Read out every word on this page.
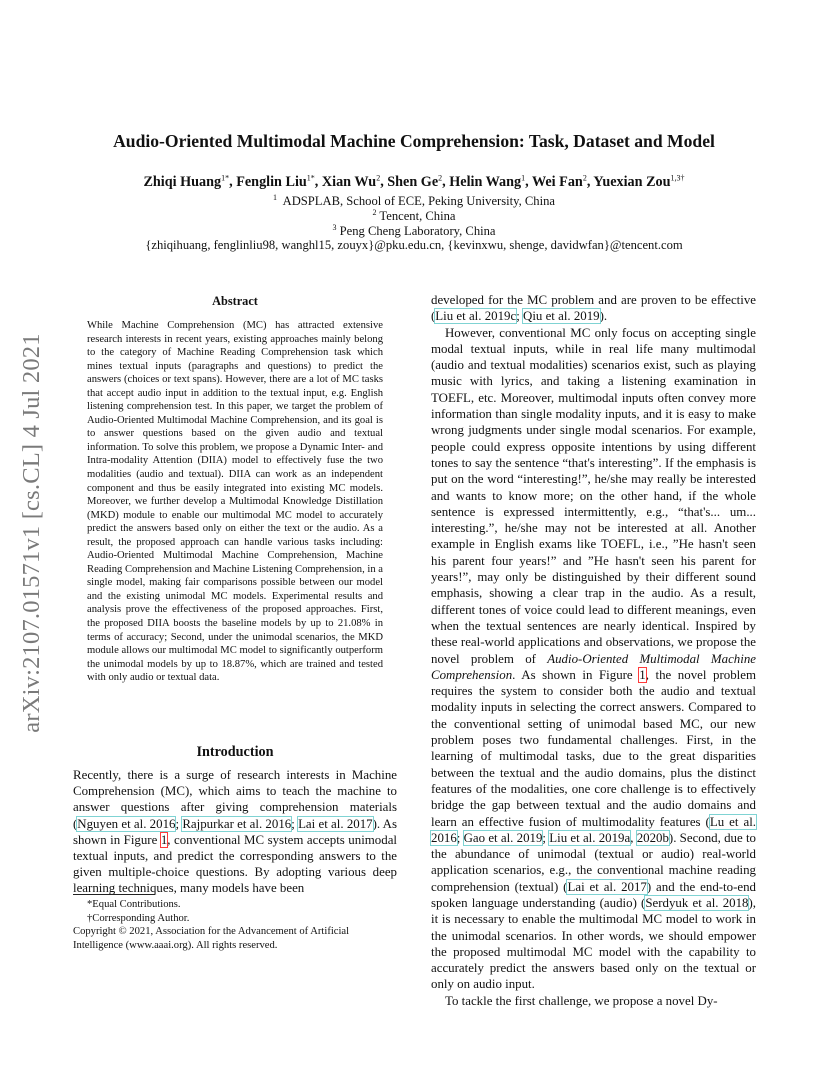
arXiv:2107.01571v1 [cs.CL] 4 Jul 2021
Audio-Oriented Multimodal Machine Comprehension: Task, Dataset and Model
Zhiqi Huang$^{1*}$, Fenglin Liu$^{1*}$, Xian Wu$^2$, Shen Ge$^2$, Helin Wang$^1$, Wei Fan$^2$, Yuexian Zou$^{1,3\dagger}$
$^1$ ADSPLAB, School of ECE, Peking University, China
$^2$ Tencent, China
$^3$ Peng Cheng Laboratory, China
{zhiqihuang, fenglinliu98, wanghl15, zouyx}@pku.edu.cn, {kevinxwu, shenge, davidwfan}@tencent.com
Abstract

While Machine Comprehension (MC) has attracted extensive research interests in recent years, existing approaches mainly belong to the category of Machine Reading Comprehension task which mines textual inputs (paragraphs and questions) to predict the answers (choices or text spans). However, there are a lot of MC tasks that accept audio input in addition to the textual input, e.g. English listening comprehension test. In this paper, we target the problem of Audio-Oriented Multimodal Machine Comprehension, and its goal is to answer questions based on the given audio and textual information. To solve this problem, we propose a Dynamic Inter- and Intra-modality Attention (DIIA) model to effectively fuse the two modalities (audio and textual). DIIA can work as an independent component and thus be easily integrated into existing MC models. Moreover, we further develop a Multimodal Knowledge Distillation (MKD) module to enable our multimodal MC model to accurately predict the answers based only on either the text or the audio. As a result, the proposed approach can handle various tasks including: Audio-Oriented Multimodal Machine Comprehension, Machine Reading Comprehension and Machine Listening Comprehension, in a single model, making fair comparisons possible between our model and the existing unimodal MC models. Experimental results and analysis prove the effectiveness of the proposed approaches. First, the proposed DIIA boosts the baseline models by up to 21.08% in terms of accuracy; Second, under the unimodal scenarios, the MKD module allows our multimodal MC model to significantly outperform the unimodal models by up to 18.87%, which are trained and tested with only audio or textual data.

Introduction

Recently, there is a surge of research interests in Machine Comprehension (MC), which aims to teach the machine to answer questions after giving comprehension materials (Nguyen et al. 2016; Rajpurkar et al. 2016; Lai et al. 2017). As shown in Figure 1, conventional MC system accepts unimodal textual inputs, and predict the corresponding answers to the given multiple-choice questions. By adopting various deep learning techniques, many models have been

*Equal Contributions.
†Corresponding Author.
Copyright © 2021, Association for the Advancement of Artificial Intelligence (www.aaai.org). All rights reserved.

developed for the MC problem and are proven to be effective (Liu et al. 2019c; Qiu et al. 2019).

However, conventional MC only focus on accepting single modal textual inputs, while in real life many multimodal (audio and textual modalities) scenarios exist, such as playing music with lyrics, and taking a listening examination in TOEFL, etc. Moreover, multimodal inputs often convey more information than single modality inputs, and it is easy to make wrong judgments under single modal scenarios. For example, people could express opposite intentions by using different tones to say the sentence “that's interesting”. If the emphasis is put on the word “interesting!”, he/she may really be interested and wants to know more; on the other hand, if the whole sentence is expressed intermittently, e.g., “that's... um... interesting.”, he/she may not be interested at all. Another example in English exams like TOEFL, i.e., ”He hasn't seen his parent four years!” and ”He hasn't seen his parent for years!”, may only be distinguished by their different sound emphasis, showing a clear trap in the audio. As a result, different tones of voice could lead to different meanings, even when the textual sentences are nearly identical. Inspired by these real-world applications and observations, we propose the novel problem of Audio-Oriented Multimodal Machine Comprehension. As shown in Figure 1, the novel problem requires the system to consider both the audio and textual modality inputs in selecting the correct answers. Compared to the conventional setting of unimodal based MC, our new problem poses two fundamental challenges. First, in the learning of multimodal tasks, due to the great disparities between the textual and the audio domains, plus the distinct features of the modalities, one core challenge is to effectively bridge the gap between textual and the audio domains and learn an effective fusion of multimodality features (Lu et al. 2016; Gao et al. 2019; Liu et al. 2019a, 2020b). Second, due to the abundance of unimodal (textual or audio) real-world application scenarios, e.g., the conventional machine reading comprehension (textual) (Lai et al. 2017) and the end-to-end spoken language understanding (audio) (Serdyuk et al. 2018), it is necessary to enable the multimodal MC model to work in the unimodal scenarios. In other words, we should empower the proposed multimodal MC model with the capability to accurately predict the answers based only on the textual or only on audio input.

To tackle the first challenge, we propose a novel Dy-
